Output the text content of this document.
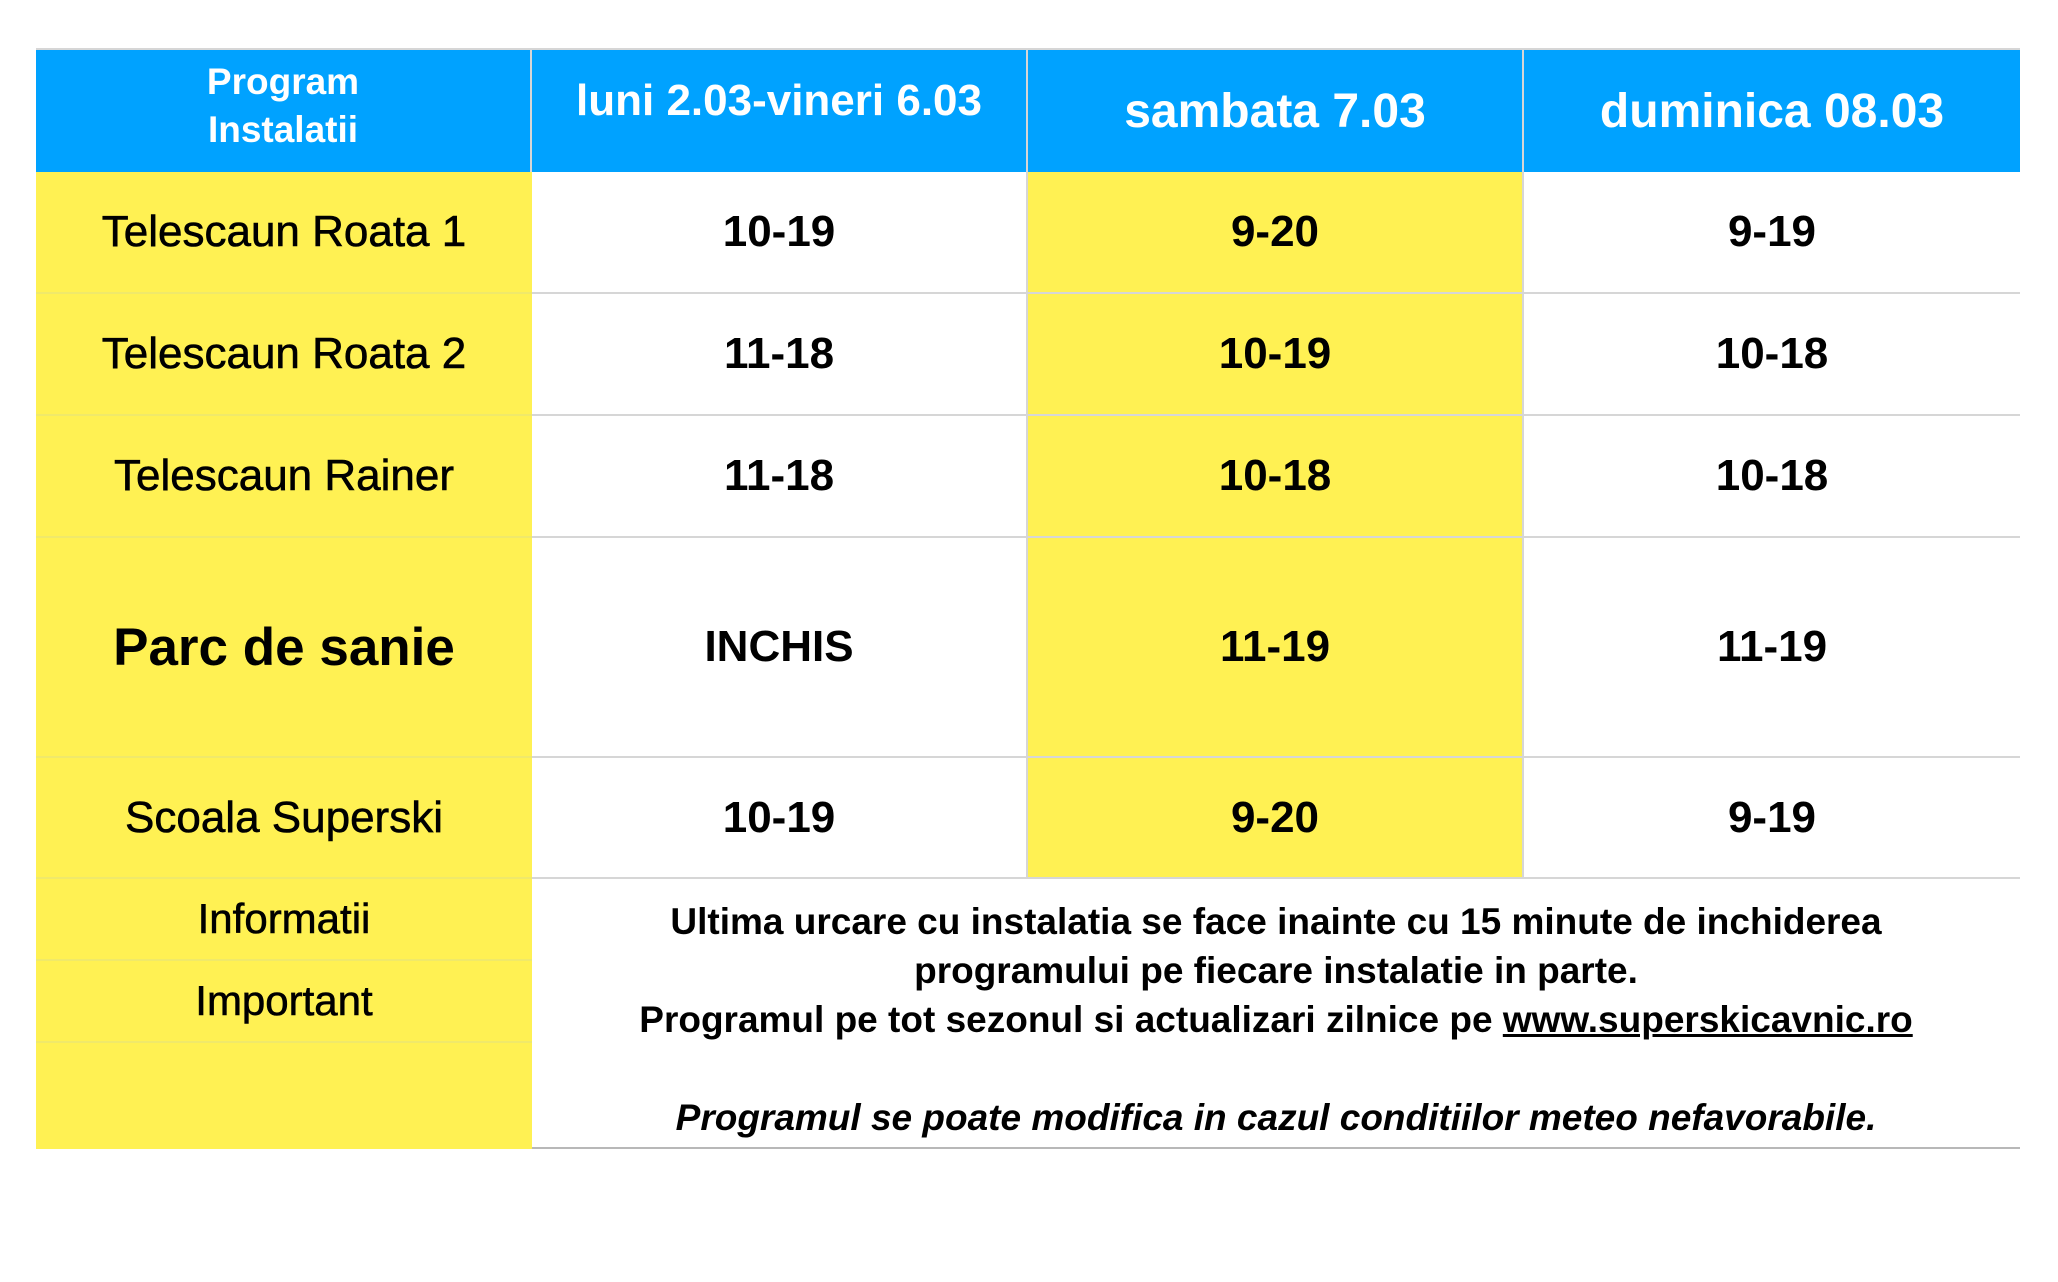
Program
Instalatii
luni 2.03-vineri 6.03	sambata 7.03	duminica 08.03
Telescaun Roata 1	10-19	9-20	9-19
Telescaun Roata 2	11-18	10-19	10-18
Telescaun Rainer	11-18	10-18	10-18
Parc de sanie	INCHIS	11-19	11-19
Scoala Superski	10-19	9-20	9-19
Informatii
Important
Ultima urcare cu instalatia se face inainte cu 15 minute de inchiderea
programului pe fiecare instalatie in parte.
Programul pe tot sezonul si actualizari zilnice pe www.superskicavnic.ro
Programul se poate modifica in cazul conditiilor meteo nefavorabile.
